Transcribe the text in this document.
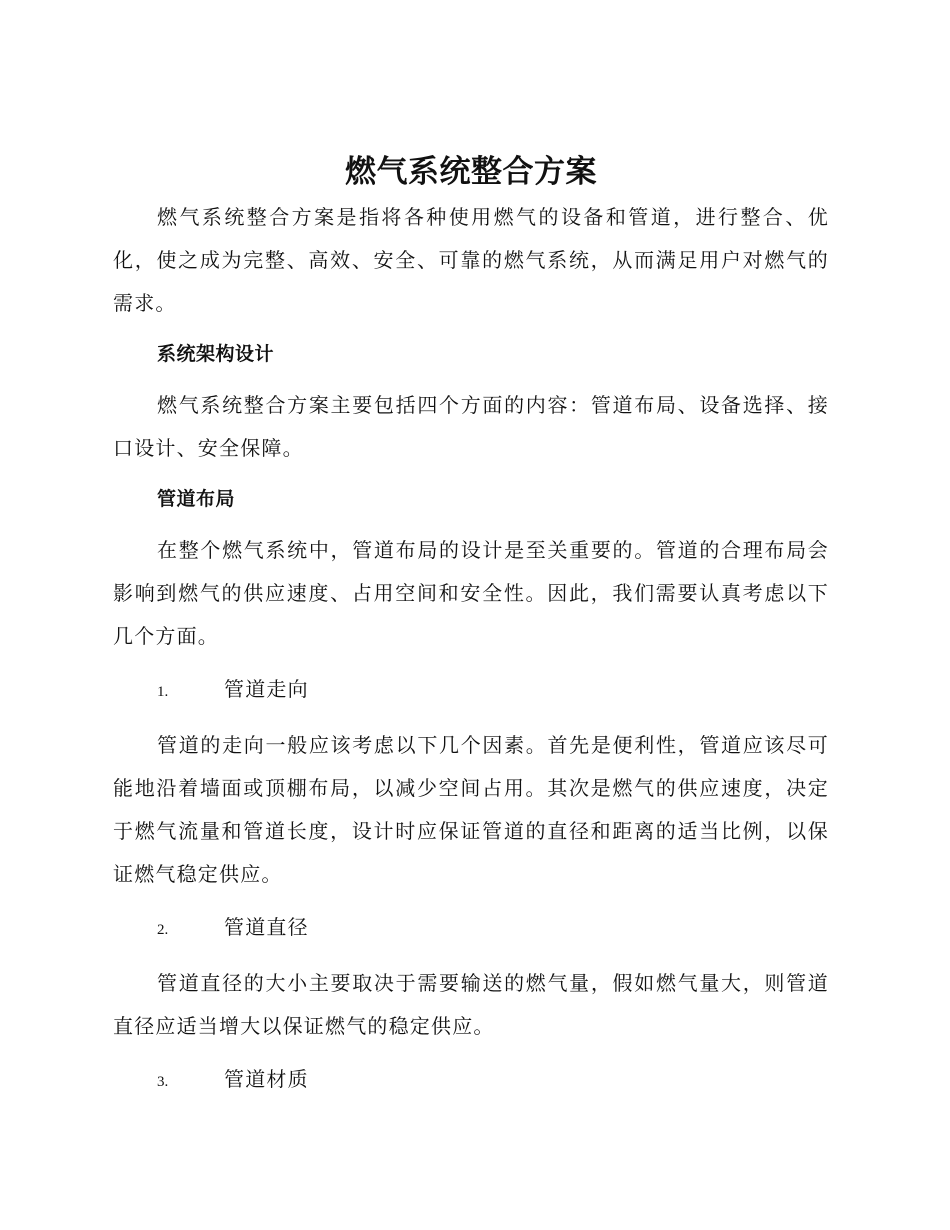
燃气系统整合方案

燃气系统整合方案是指将各种使用燃气的设备和管道，进行整合、优化，使之成为完整、高效、安全、可靠的燃气系统，从而满足用户对燃气的需求。

系统架构设计

燃气系统整合方案主要包括四个方面的内容：管道布局、设备选择、接口设计、安全保障。

管道布局

在整个燃气系统中，管道布局的设计是至关重要的。管道的合理布局会影响到燃气的供应速度、占用空间和安全性。因此，我们需要认真考虑以下几个方面。

1.	管道走向

管道的走向一般应该考虑以下几个因素。首先是便利性，管道应该尽可能地沿着墙面或顶棚布局，以减少空间占用。其次是燃气的供应速度，决定于燃气流量和管道长度，设计时应保证管道的直径和距离的适当比例，以保证燃气稳定供应。

2.	管道直径

管道直径的大小主要取决于需要输送的燃气量，假如燃气量大，则管道直径应适当增大以保证燃气的稳定供应。

3.	管道材质
